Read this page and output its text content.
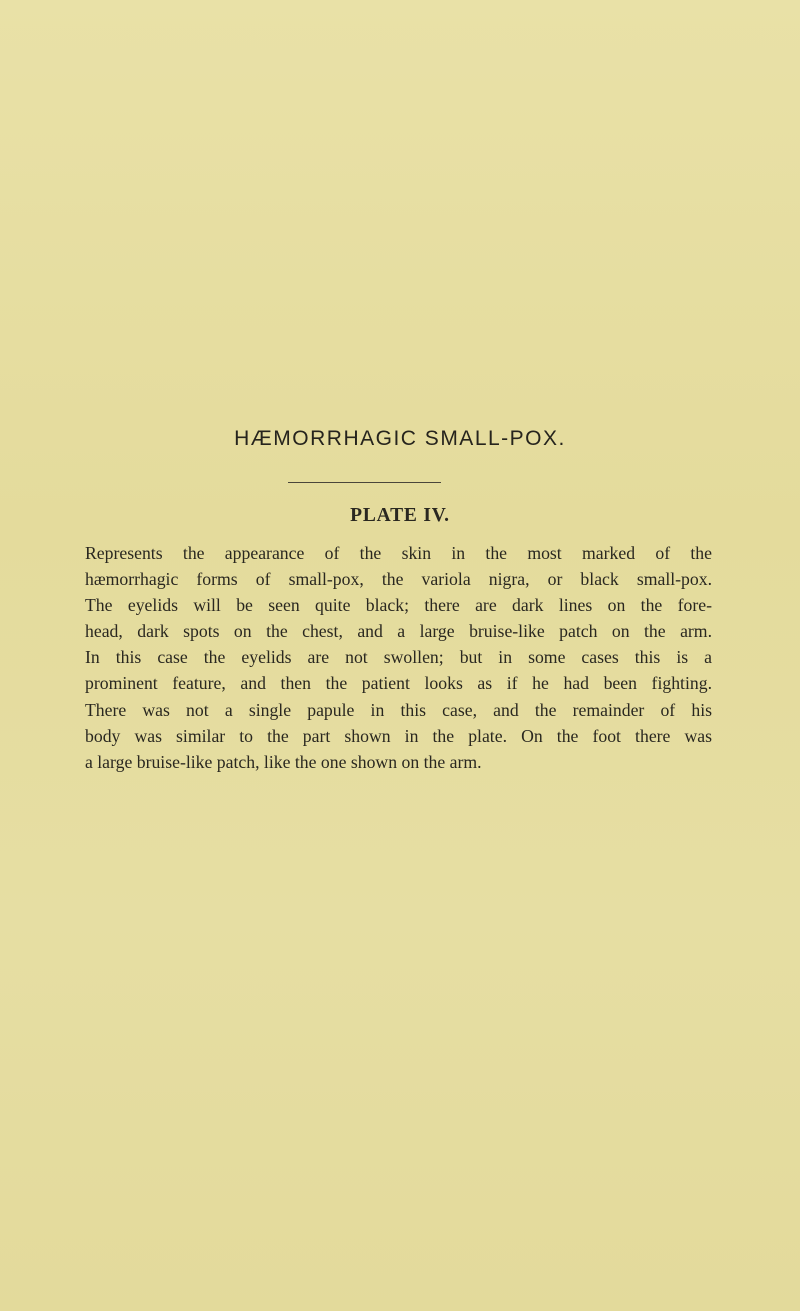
HÆMORRHAGIC SMALL-POX.
PLATE IV.

Represents the appearance of the skin in the most marked of the
hæmorrhagic forms of small-pox, the variola nigra, or black small-pox.
The eyelids will be seen quite black; there are dark lines on the fore-
head, dark spots on the chest, and a large bruise-like patch on the arm.
In this case the eyelids are not swollen; but in some cases this is a
prominent feature, and then the patient looks as if he had been fighting.
There was not a single papule in this case, and the remainder of his
body was similar to the part shown in the plate. On the foot there was
a large bruise-like patch, like the one shown on the arm.
